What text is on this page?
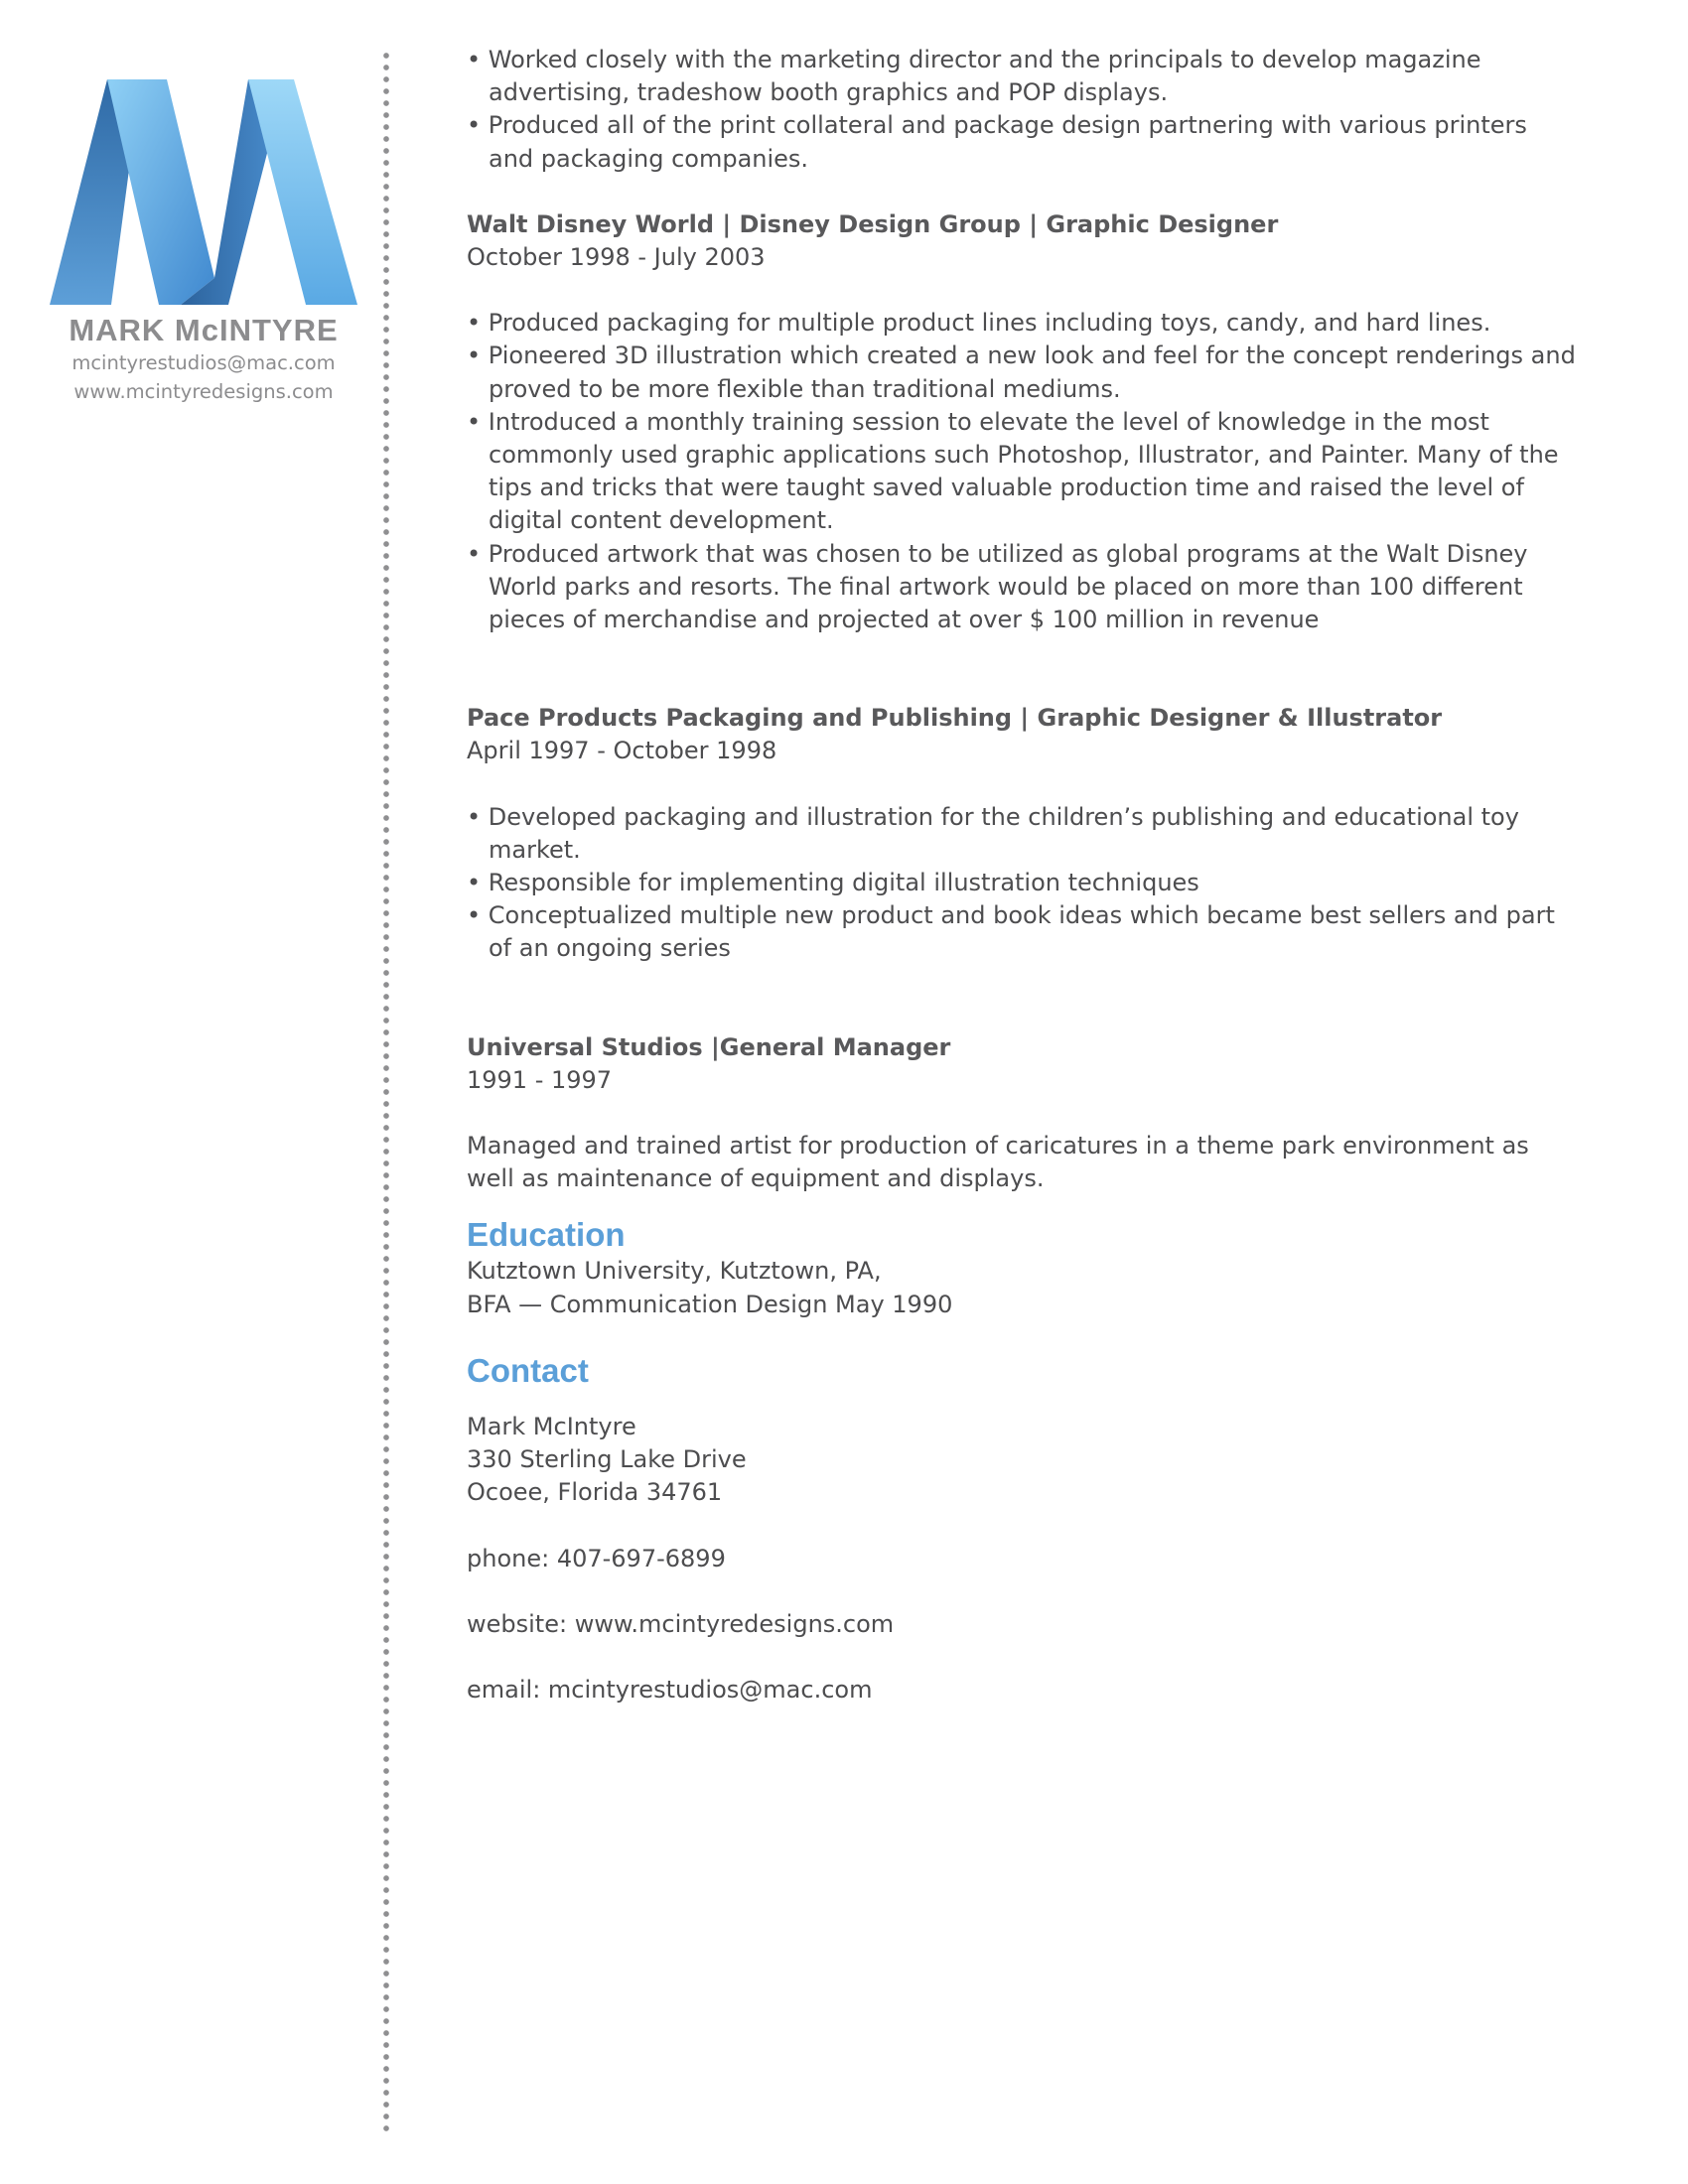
MARK McINTYRE
mcintyrestudios@mac.com
www.mcintyredesigns.com

• Worked closely with the marketing director and the principals to develop magazine advertising, tradeshow booth graphics and POP displays.

• Produced all of the print collateral and package design partnering with various printers and packaging companies.

Walt Disney World | Disney Design Group | Graphic Designer

October 1998 - July 2003

• Produced packaging for multiple product lines including toys, candy, and hard lines.

• Pioneered 3D illustration which created a new look and feel for the concept renderings and proved to be more flexible than traditional mediums.

• Introduced a monthly training session to elevate the level of knowledge in the most commonly used graphic applications such Photoshop, Illustrator, and Painter. Many of the tips and tricks that were taught saved valuable production time and raised the level of digital content development.

• Produced artwork that was chosen to be utilized as global programs at the Walt Disney World parks and resorts. The final artwork would be placed on more than 100 different pieces of merchandise and projected at over $ 100 million in revenue

Pace Products Packaging and Publishing | Graphic Designer & Illustrator

April 1997 - October 1998

• Developed packaging and illustration for the children’s publishing and educational toy market.

• Responsible for implementing digital illustration techniques

• Conceptualized multiple new product and book ideas which became best sellers and part of an ongoing series

Universal Studios |General Manager

1991 - 1997

Managed and trained artist for production of caricatures in a theme park environment as well as maintenance of equipment and displays.

Education

Kutztown University, Kutztown, PA,

BFA — Communication Design May 1990

Contact

Mark McIntyre

330 Sterling Lake Drive

Ocoee, Florida 34761

phone: 407-697-6899

website: www.mcintyredesigns.com

email: mcintyrestudios@mac.com
